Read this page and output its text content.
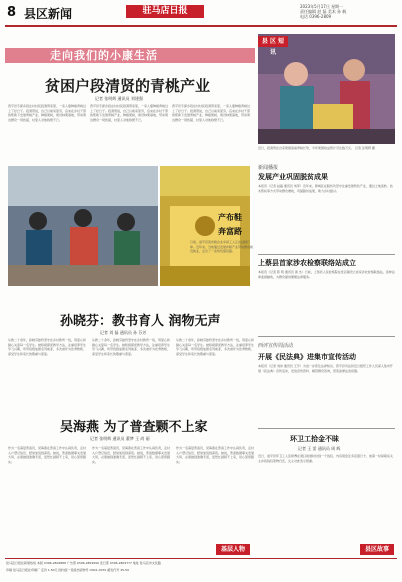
8 县区新闻	驻马店日报	2023年5月17日 星期一
责任编辑 赵 磊 美术 孙 帆
电话 0396-2809
走向我们的小康生活
贫困户段清贤的青桃产业
记者 张明辉 通讯员 刘建强
西平县专探乡段庄村村民段清贤家里，一家人靠种植青桃过上了好日子。段清贤说，自己以前家里穷，后来在乡村干部的帮助下发展青桃产业，种植果树，建设林果基地，带动周边群众一同致富，村里人对他称赞不已。
西平县专探乡段庄村村民段清贤家里，一家人靠种植青桃过上了好日子。段清贤说，自己以前家里穷，后来在乡村干部的帮助下发展青桃产业，种植果树，建设林果基地，带动周边群众一同致富，村里人对他称赞不已。
西平县专探乡段庄村村民段清贤家里，一家人靠种植青桃过上了好日子。段清贤说，自己以前家里穷，后来在乡村干部的帮助下发展青桃产业，种植果树，建设林果基地，带动周边群众一同致富，村里人对他称赞不已。
近日，段清贤在自家果园查看青桃长势，今年果园收益预计可达数万元。 记者 张明辉 摄
县 区 短 讯
产布鞋
奔富路
日前，遂平县某布鞋企业车间工人正在赶制订单。近年来，当地通过发展布鞋产业带动群众就近就业，走出了一条特色富民路。
新闻播报
发展产业巩固脱贫成果
本报讯（记者 赵磊 通讯员 刘军）近年来，驿城区在脱贫攻坚中注重发展特色产业，通过土地流转、技术帮扶等方式带动群众增收，巩固脱贫成果，助力乡村振兴。
上蔡县首家涉农检察联络站成立
本报讯（记者 陈 明 通讯员 黄 杰）日前，上蔡县人民检察院在党店镇设立首家涉农检察联络站，延伸法律监督触角，为群众提供便捷法律服务。
西评宣传周活动
开展《民法典》进集市宣传活动
本报讯（记者 刘伟 通讯员 王芳）为进一步普及法律知识，西平县司法局近日组织工作人员深入集市开展《民法典》宣传活动，发放宣传资料、解答群众咨询，营造浓厚法治氛围。
环卫工拾金不昧
记者 王 雷 通讯员 周 辉
近日，遂平县环卫工人张师傅在清扫街道时捡到一个钱包，内有现金及多张银行卡，他第一时间联系失主并将钱包原物归还，失主对此表示感谢。
孙晓芬：教书育人 润物无声
记者 刘 磊 通讯员 孙 芬芳
从教二十余年，孙晓芬始终坚守在乡村教育一线，用爱心和耐心关爱每一名学生。她积极探索教学方法，注重培养学生学习兴趣，所带班级成绩名列前茅，多次被评为优秀教师，深受学生和家长的敬重与喜爱。
从教二十余年，孙晓芬始终坚守在乡村教育一线，用爱心和耐心关爱每一名学生。她积极探索教学方法，注重培养学生学习兴趣，所带班级成绩名列前茅，多次被评为优秀教师，深受学生和家长的敬重与喜爱。
从教二十余年，孙晓芬始终坚守在乡村教育一线，用爱心和耐心关爱每一名学生。她积极探索教学方法，注重培养学生学习兴趣，所带班级成绩名列前茅，多次被评为优秀教师，深受学生和家长的敬重与喜爱。
吴海燕 为了普查颗不上家
记者 张明辉 通讯员 董梦 王 尚 丽
作为一名基层普查员，吴海燕在普查工作中认真负责，走村入户登记信息，经常加班到深夜。她说，普查数据事关发展大局，必须做到准确无误，虽然忙碌顾不上家，但心里很踏实。
作为一名基层普查员，吴海燕在普查工作中认真负责，走村入户登记信息，经常加班到深夜。她说，普查数据事关发展大局，必须做到准确无误，虽然忙碌顾不上家，但心里很踏实。
作为一名基层普查员，吴海燕在普查工作中认真负责，走村入户登记信息，经常加班到深夜。她说，普查数据事关发展大局，必须做到准确无误，虽然忙碌顾不上家，但心里很踏实。
基层人物	县区故事
驻马店日报社新闻热线 本版 0396-2809888 广告部 0396-2809999 发行部 0396-2809777 地址 驻马店市文化路
印刷 驻马店日报社印刷厂 定价 1.50元 国内统一连续出版物号 CN41-0070 邮发代号 35-59
